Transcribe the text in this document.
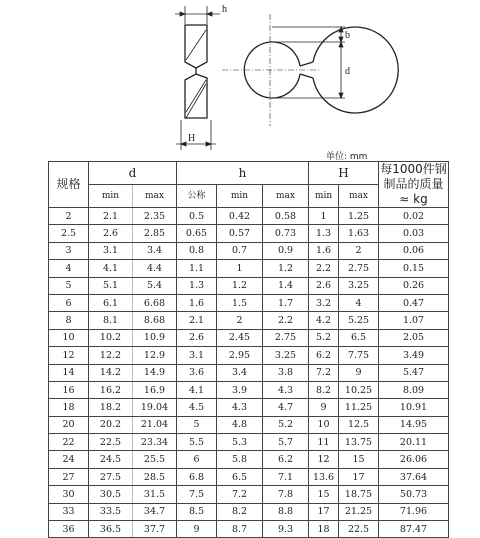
h
H
b
d
单位: mm
规格	d		h			H		每1000件钢制品的质量≈ kg
	min	max	公称	min	max	min	max	
2	2.1	2.35	0.5	0.42	0.58	1	1.25	0.02
2.5	2.6	2.85	0.65	0.57	0.73	1.3	1.63	0.03
3	3.1	3.4	0.8	0.7	0.9	1.6	2	0.06
4	4.1	4.4	1.1	1	1.2	2.2	2.75	0.15
5	5.1	5.4	1.3	1.2	1.4	2.6	3.25	0.26
6	6.1	6.68	1.6	1.5	1.7	3.2	4	0.47
8	8.1	8.68	2.1	2	2.2	4.2	5.25	1.07
10	10.2	10.9	2.6	2.45	2.75	5.2	6.5	2.05
12	12.2	12.9	3.1	2.95	3.25	6.2	7.75	3.49
14	14.2	14.9	3.6	3.4	3.8	7.2	9	5.47
16	16.2	16.9	4.1	3.9	4.3	8.2	10.25	8.09
18	18.2	19.04	4.5	4.3	4.7	9	11.25	10.91
20	20.2	21.04	5	4.8	5.2	10	12.5	14.95
22	22.5	23.34	5.5	5.3	5.7	11	13.75	20.11
24	24.5	25.5	6	5.8	6.2	12	15	26.06
27	27.5	28.5	6.8	6.5	7.1	13.6	17	37.64
30	30.5	31.5	7.5	7.2	7.8	15	18.75	50.73
33	33.5	34.7	8.5	8.2	8.8	17	21.25	71.96
36	36.5	37.7	9	8.7	9.3	18	22.5	87.47
